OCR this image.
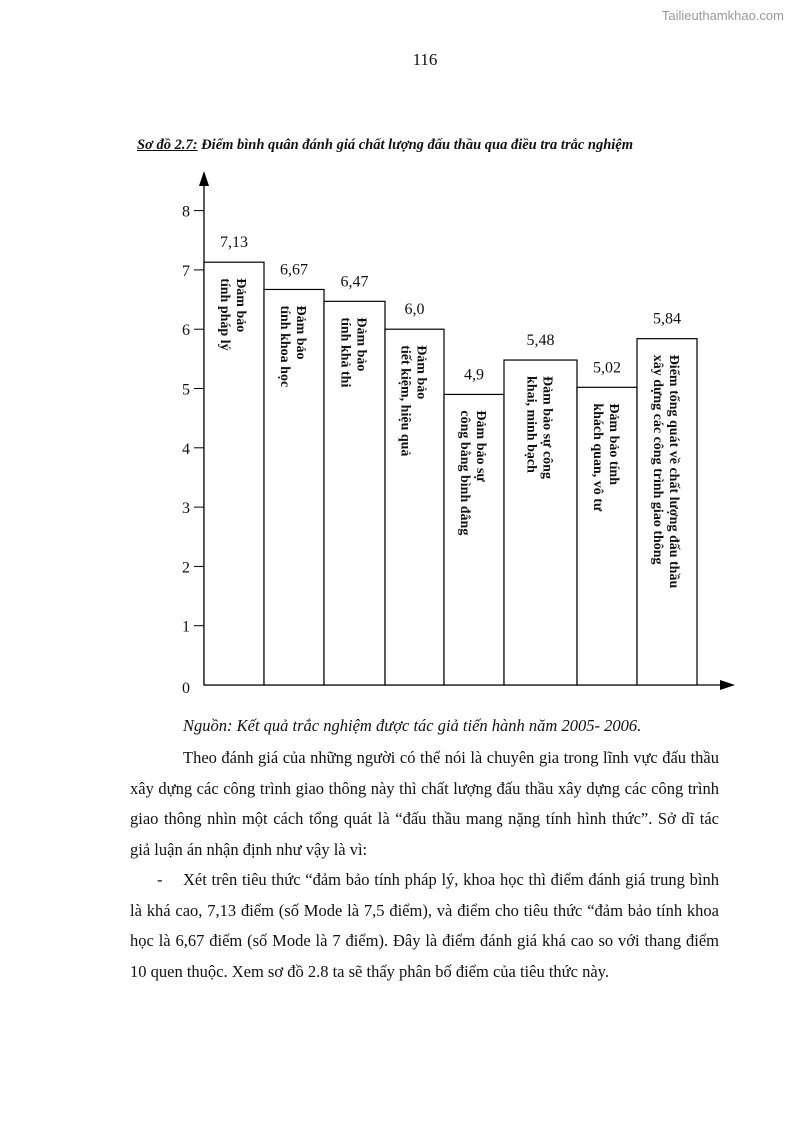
Tailieuthamkhao.com
116
Sơ đồ 2.7: Điểm bình quân đánh giá chất lượng đấu thầu qua điều tra trắc nghiệm
0
1
2
3
4
5
6
7
8
7,13
Đảm bảo
tính pháp lý
6,67
Đảm bảo
tính khoa học
6,47
Đảm bảo
tính khả thi
6,0
Đảm bảo
tiết kiệm, hiệu quả	4,9
Đảm bảo sự
công bằng bình đẳng
5,48
Đảm bảo sự công
khai, minh bạch
5,02
Đảm bảo tính
khách quan, vô tư
5,84
Điểm tổng quát về chất lượng đấu thầu
xây dựng các công trình giao thông
Nguồn: Kết quả trắc nghiệm được tác giả tiến hành năm 2005- 2006.

Theo đánh giá của những người có thể nói là chuyên gia trong lĩnh vực đấu thầu xây dựng các công trình giao thông này thì chất lượng đấu thầu xây dựng các công trình giao thông nhìn một cách tổng quát là “đấu thầu mang nặng tính hình thức”. Sở dĩ tác giả luận án nhận định như vậy là vì:

- Xét trên tiêu thức “đảm bảo tính pháp lý, khoa học thì điểm đánh giá trung bình là khá cao, 7,13 điểm (số Mode là 7,5 điểm), và điểm cho tiêu thức “đảm bảo tính khoa học là 6,67 điểm (số Mode là 7 điểm). Đây là điểm đánh giá khá cao so với thang điểm 10 quen thuộc. Xem sơ đồ 2.8 ta sẽ thấy phân bố điểm của tiêu thức này.
